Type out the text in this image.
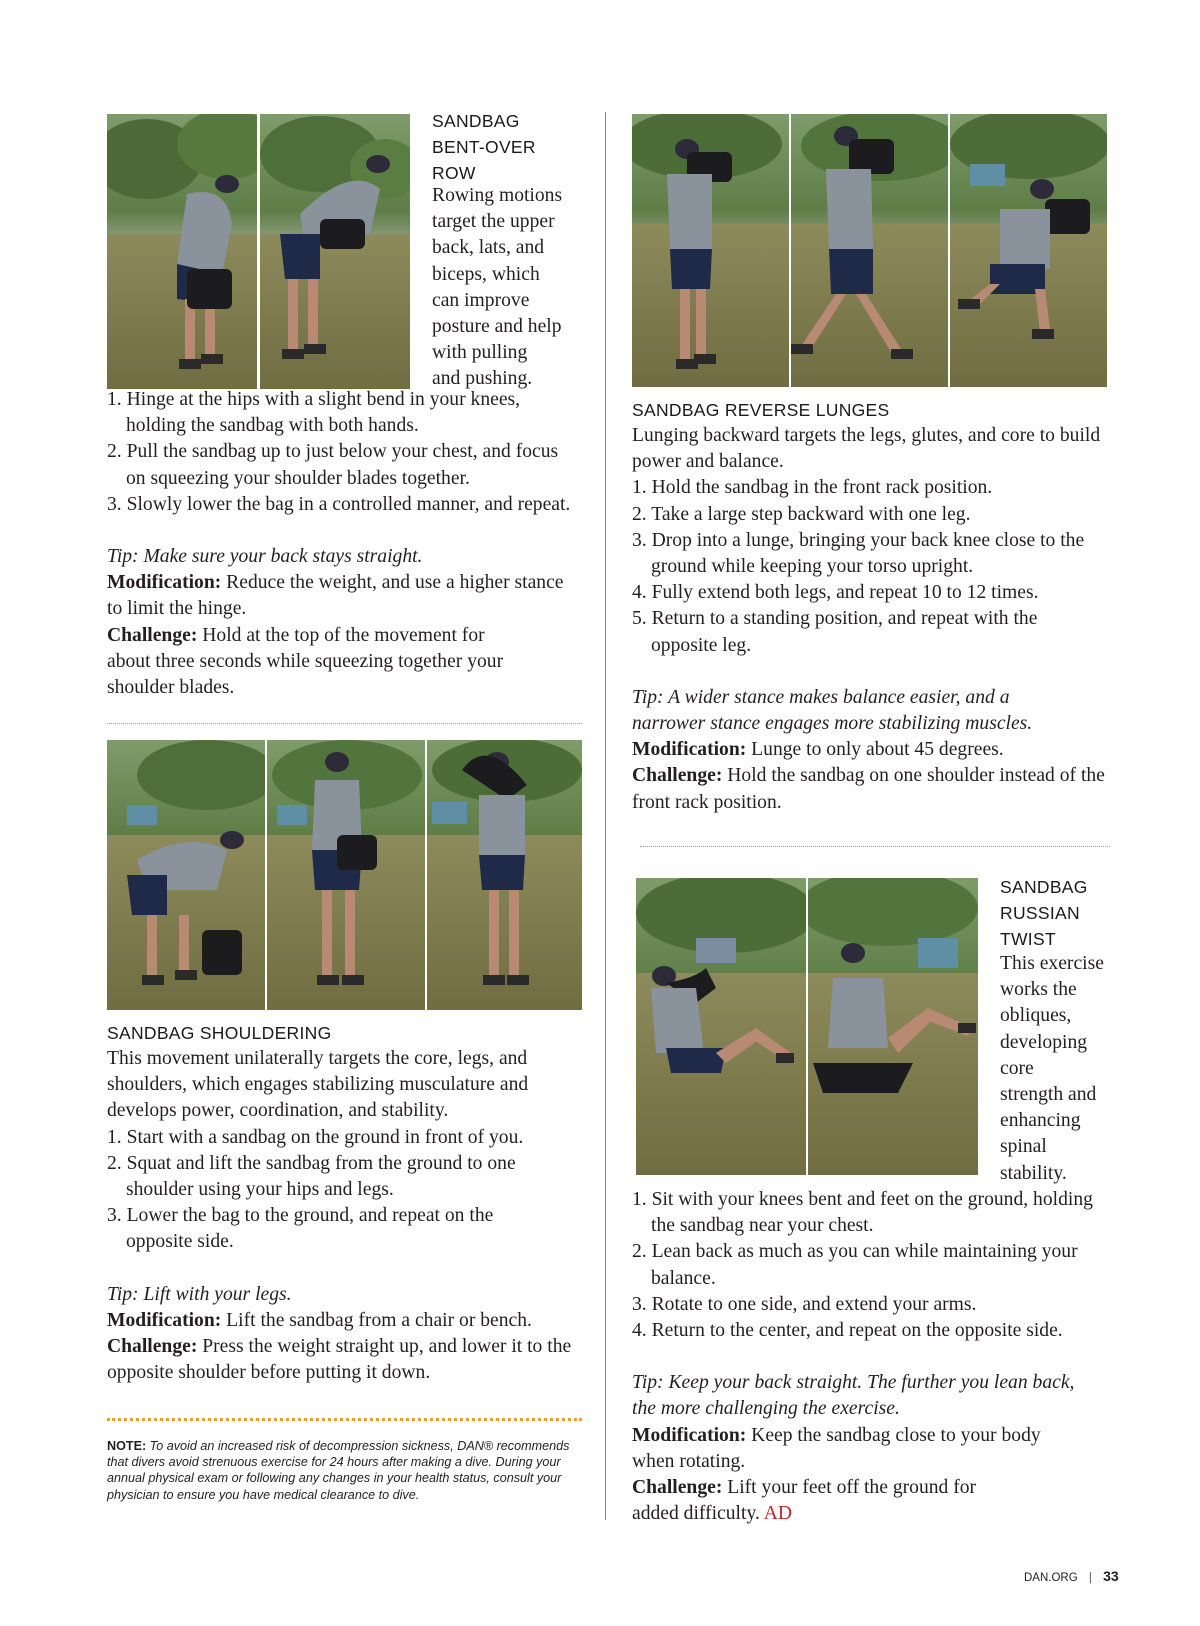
SANDBAG
BENT-OVER
ROW
Rowing motions
target the upper
back, lats, and
biceps, which
can improve
posture and help
with pulling
and pushing.
1. Hinge at the hips with a slight bend in your knees, holding the sandbag with both hands.
2. Pull the sandbag up to just below your chest, and focus on squeezing your shoulder blades together.
3. Slowly lower the bag in a controlled manner, and repeat.
Tip: Make sure your back stays straight.
Modification: Reduce the weight, and use a higher stance to limit the hinge.
Challenge: Hold at the top of the movement for about three seconds while squeezing together your shoulder blades.
SANDBAG SHOULDERING
This movement unilaterally targets the core, legs, and shoulders, which engages stabilizing musculature and develops power, coordination, and stability.
1. Start with a sandbag on the ground in front of you.
2. Squat and lift the sandbag from the ground to one shoulder using your hips and legs.
3. Lower the bag to the ground, and repeat on the opposite side.
Tip: Lift with your legs.
Modification: Lift the sandbag from a chair or bench.
Challenge: Press the weight straight up, and lower it to the opposite shoulder before putting it down.
NOTE: To avoid an increased risk of decompression sickness, DAN® recommends that divers avoid strenuous exercise for 24 hours after making a dive. During your annual physical exam or following any changes in your health status, consult your physician to ensure you have medical clearance to dive.
SANDBAG REVERSE LUNGES
Lunging backward targets the legs, glutes, and core to build power and balance.
1. Hold the sandbag in the front rack position.
2. Take a large step backward with one leg.
3. Drop into a lunge, bringing your back knee close to the ground while keeping your torso upright.
4. Fully extend both legs, and repeat 10 to 12 times.
5. Return to a standing position, and repeat with the opposite leg.
Tip: A wider stance makes balance easier, and a narrower stance engages more stabilizing muscles.
Modification: Lunge to only about 45 degrees.
Challenge: Hold the sandbag on one shoulder instead of the front rack position.
SANDBAG
RUSSIAN
TWIST
This exercise
works the
obliques,
developing
core
strength and
enhancing
spinal
stability.
1. Sit with your knees bent and feet on the ground, holding the sandbag near your chest.
2. Lean back as much as you can while maintaining your balance.
3. Rotate to one side, and extend your arms.
4. Return to the center, and repeat on the opposite side.
Tip: Keep your back straight. The further you lean back, the more challenging the exercise.
Modification: Keep the sandbag close to your body when rotating.
Challenge: Lift your feet off the ground for added difficulty. AD
DAN.ORG | 33
